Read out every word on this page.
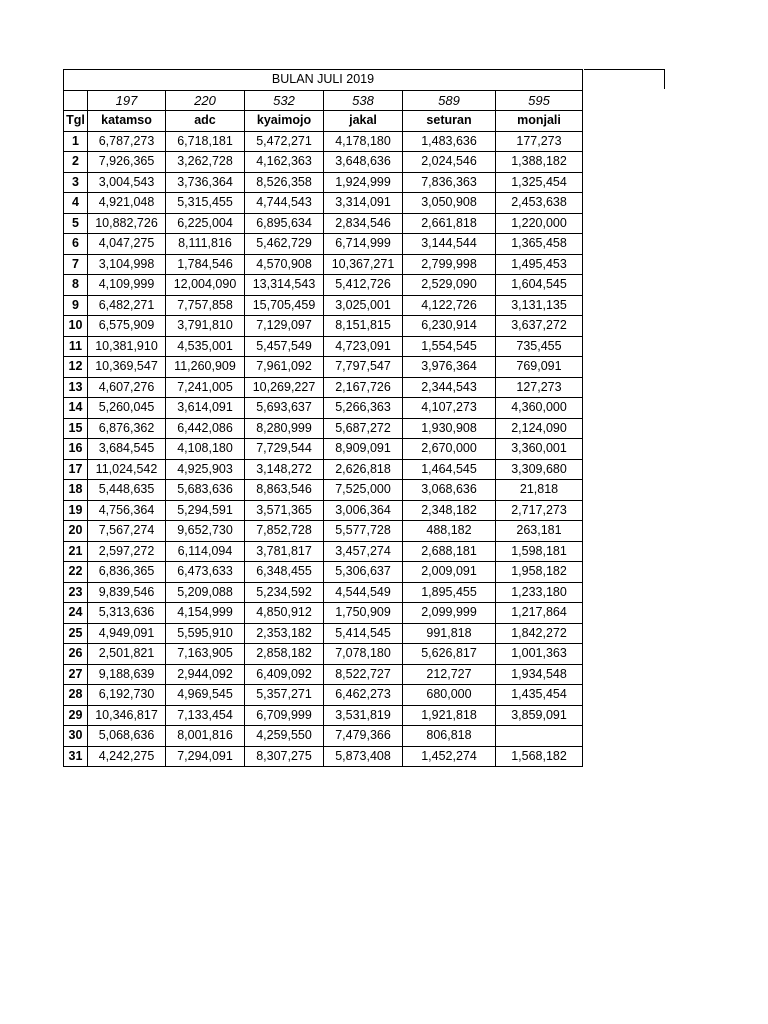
BULAN JULI 2019						
	197	220	532	538	589	595
Tgl	katamso	adc	kyaimojo	jakal	seturan	monjali
1	6,787,273	6,718,181	5,472,271	4,178,180	1,483,636	177,273
2	7,926,365	3,262,728	4,162,363	3,648,636	2,024,546	1,388,182
3	3,004,543	3,736,364	8,526,358	1,924,999	7,836,363	1,325,454
4	4,921,048	5,315,455	4,744,543	3,314,091	3,050,908	2,453,638
5	10,882,726	6,225,004	6,895,634	2,834,546	2,661,818	1,220,000
6	4,047,275	8,111,816	5,462,729	6,714,999	3,144,544	1,365,458
7	3,104,998	1,784,546	4,570,908	10,367,271	2,799,998	1,495,453
8	4,109,999	12,004,090	13,314,543	5,412,726	2,529,090	1,604,545
9	6,482,271	7,757,858	15,705,459	3,025,001	4,122,726	3,131,135
10	6,575,909	3,791,810	7,129,097	8,151,815	6,230,914	3,637,272
11	10,381,910	4,535,001	5,457,549	4,723,091	1,554,545	735,455
12	10,369,547	11,260,909	7,961,092	7,797,547	3,976,364	769,091
13	4,607,276	7,241,005	10,269,227	2,167,726	2,344,543	127,273
14	5,260,045	3,614,091	5,693,637	5,266,363	4,107,273	4,360,000
15	6,876,362	6,442,086	8,280,999	5,687,272	1,930,908	2,124,090
16	3,684,545	4,108,180	7,729,544	8,909,091	2,670,000	3,360,001
17	11,024,542	4,925,903	3,148,272	2,626,818	1,464,545	3,309,680
18	5,448,635	5,683,636	8,863,546	7,525,000	3,068,636	21,818
19	4,756,364	5,294,591	3,571,365	3,006,364	2,348,182	2,717,273
20	7,567,274	9,652,730	7,852,728	5,577,728	488,182	263,181
21	2,597,272	6,114,094	3,781,817	3,457,274	2,688,181	1,598,181
22	6,836,365	6,473,633	6,348,455	5,306,637	2,009,091	1,958,182
23	9,839,546	5,209,088	5,234,592	4,544,549	1,895,455	1,233,180
24	5,313,636	4,154,999	4,850,912	1,750,909	2,099,999	1,217,864
25	4,949,091	5,595,910	2,353,182	5,414,545	991,818	1,842,272
26	2,501,821	7,163,905	2,858,182	7,078,180	5,626,817	1,001,363
27	9,188,639	2,944,092	6,409,092	8,522,727	212,727	1,934,548
28	6,192,730	4,969,545	5,357,271	6,462,273	680,000	1,435,454
29	10,346,817	7,133,454	6,709,999	3,531,819	1,921,818	3,859,091
30	5,068,636	8,001,816	4,259,550	7,479,366	806,818	
31	4,242,275	7,294,091	8,307,275	5,873,408	1,452,274	1,568,182
